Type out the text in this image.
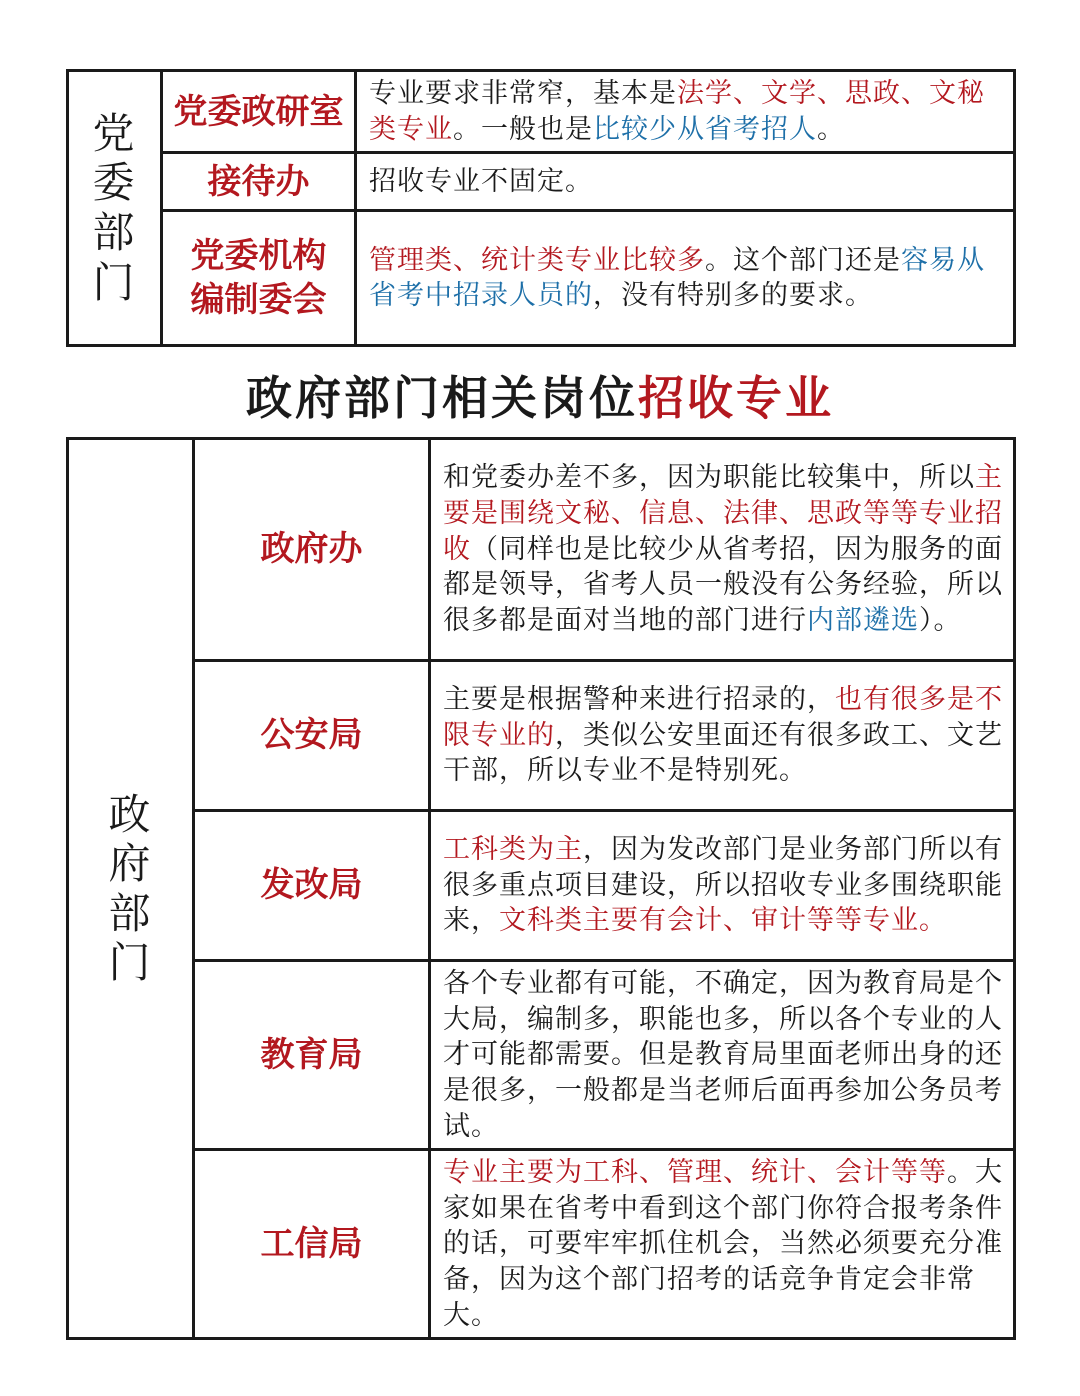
党
委
部
门	党委政研室	专业要求非常窄，基本是法学、文学、思政、文秘类专业。一般也是比较少从省考招人。
	接待办	招收专业不固定。

	党委机构
编制委会	管理类、统计类专业比较多。这个部门还是容易从省考中招录人员的，没有特别多的要求。
政府部门相关岗位招收专业
政
府
部
门	政府办	和党委办差不多，因为职能比较集中，所以主要是围绕文秘、信息、法律、思政等等专业招收（同样也是比较少从省考招，因为服务的面都是领导，省考人员一般没有公务经验，所以很多都是面对当地的部门进行内部遴选）。
	公安局	主要是根据警种来进行招录的，也有很多是不限专业的，类似公安里面还有很多政工、文艺干部，所以专业不是特别死。
	发改局	工科类为主，因为发改部门是业务部门所以有很多重点项目建设，所以招收专业多围绕职能来，文科类主要有会计、审计等等专业。
	教育局	各个专业都有可能，不确定，因为教育局是个大局，编制多，职能也多，所以各个专业的人才可能都需要。但是教育局里面老师出身的还是很多，一般都是当老师后面再参加公务员考试。
	工信局	专业主要为工科、管理、统计、会计等等。大家如果在省考中看到这个部门你符合报考条件的话，可要牢牢抓住机会，当然必须要充分准备，因为这个部门招考的话竞争肯定会非常大。
